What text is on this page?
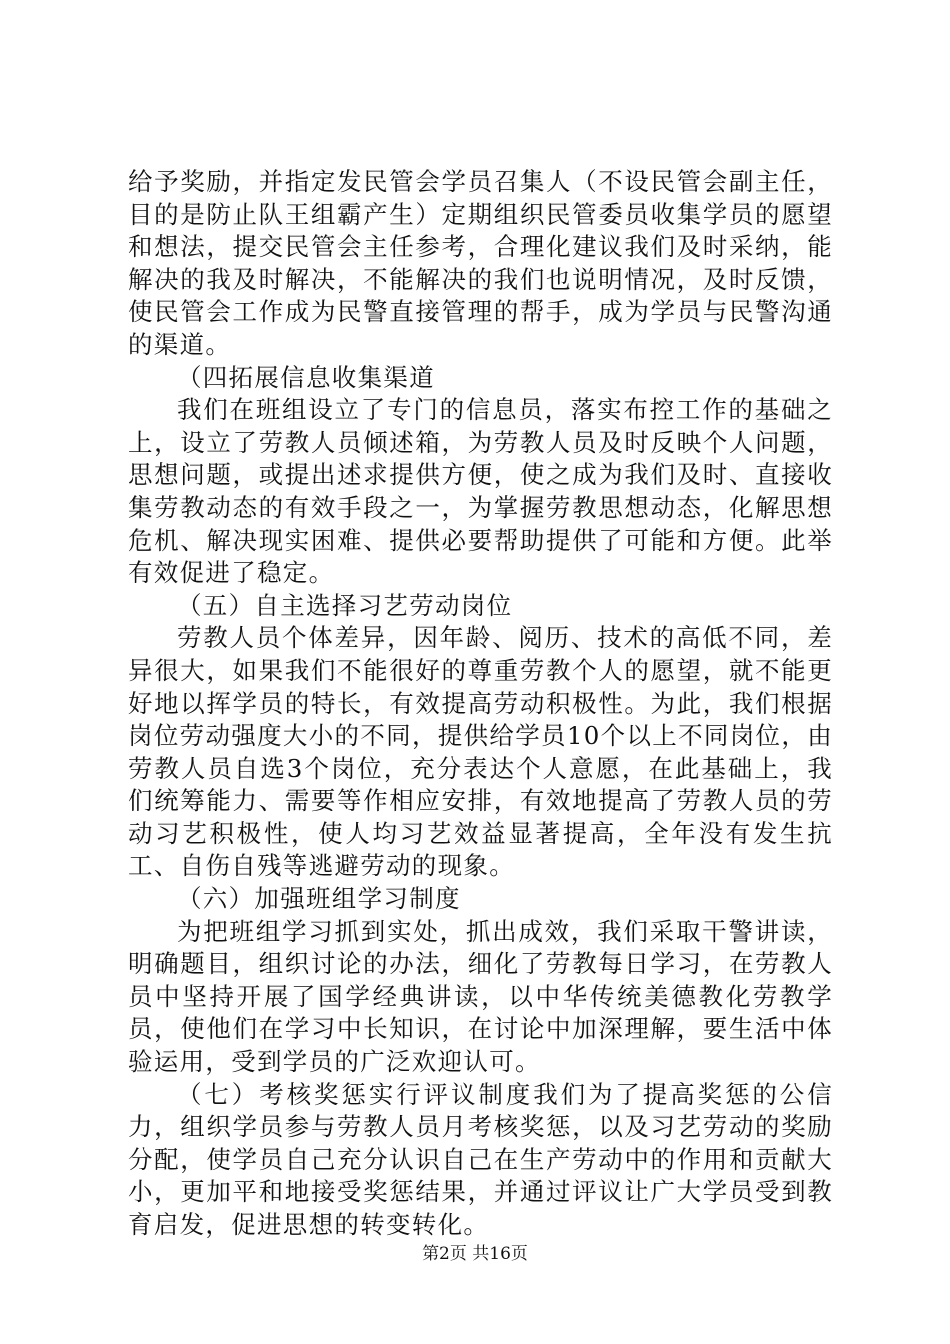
给予奖励，并指定发民管会学员召集人（不设民管会副主任，目的是防止队王组霸产生）定期组织民管委员收集学员的愿望和想法，提交民管会主任参考，合理化建议我们及时采纳，能解决的我及时解决，不能解决的我们也说明情况，及时反馈，使民管会工作成为民警直接管理的帮手，成为学员与民警沟通的渠道。

（四拓展信息收集渠道

我们在班组设立了专门的信息员，落实布控工作的基础之上，设立了劳教人员倾述箱，为劳教人员及时反映个人问题，思想问题，或提出述求提供方便，使之成为我们及时、直接收集劳教动态的有效手段之一，为掌握劳教思想动态，化解思想危机、解决现实困难、提供必要帮助提供了可能和方便。此举有效促进了稳定。

（五）自主选择习艺劳动岗位

劳教人员个体差异，因年龄、阅历、技术的高低不同，差异很大，如果我们不能很好的尊重劳教个人的愿望，就不能更好地以挥学员的特长，有效提高劳动积极性。为此，我们根据岗位劳动强度大小的不同，提供给学员10个以上不同岗位，由劳教人员自选3个岗位，充分表达个人意愿，在此基础上，我们统筹能力、需要等作相应安排，有效地提高了劳教人员的劳动习艺积极性，使人均习艺效益显著提高，全年没有发生抗工、自伤自残等逃避劳动的现象。

（六）加强班组学习制度

为把班组学习抓到实处，抓出成效，我们采取干警讲读，明确题目，组织讨论的办法，细化了劳教每日学习，在劳教人员中坚持开展了国学经典讲读，以中华传统美德教化劳教学员，使他们在学习中长知识，在讨论中加深理解，要生活中体验运用，受到学员的广泛欢迎认可。

（七）考核奖惩实行评议制度我们为了提高奖惩的公信力，组织学员参与劳教人员月考核奖惩，以及习艺劳动的奖励分配，使学员自己充分认识自己在生产劳动中的作用和贡献大小，更加平和地接受奖惩结果，并通过评议让广大学员受到教育启发，促进思想的转变转化。

第2页 共16页
